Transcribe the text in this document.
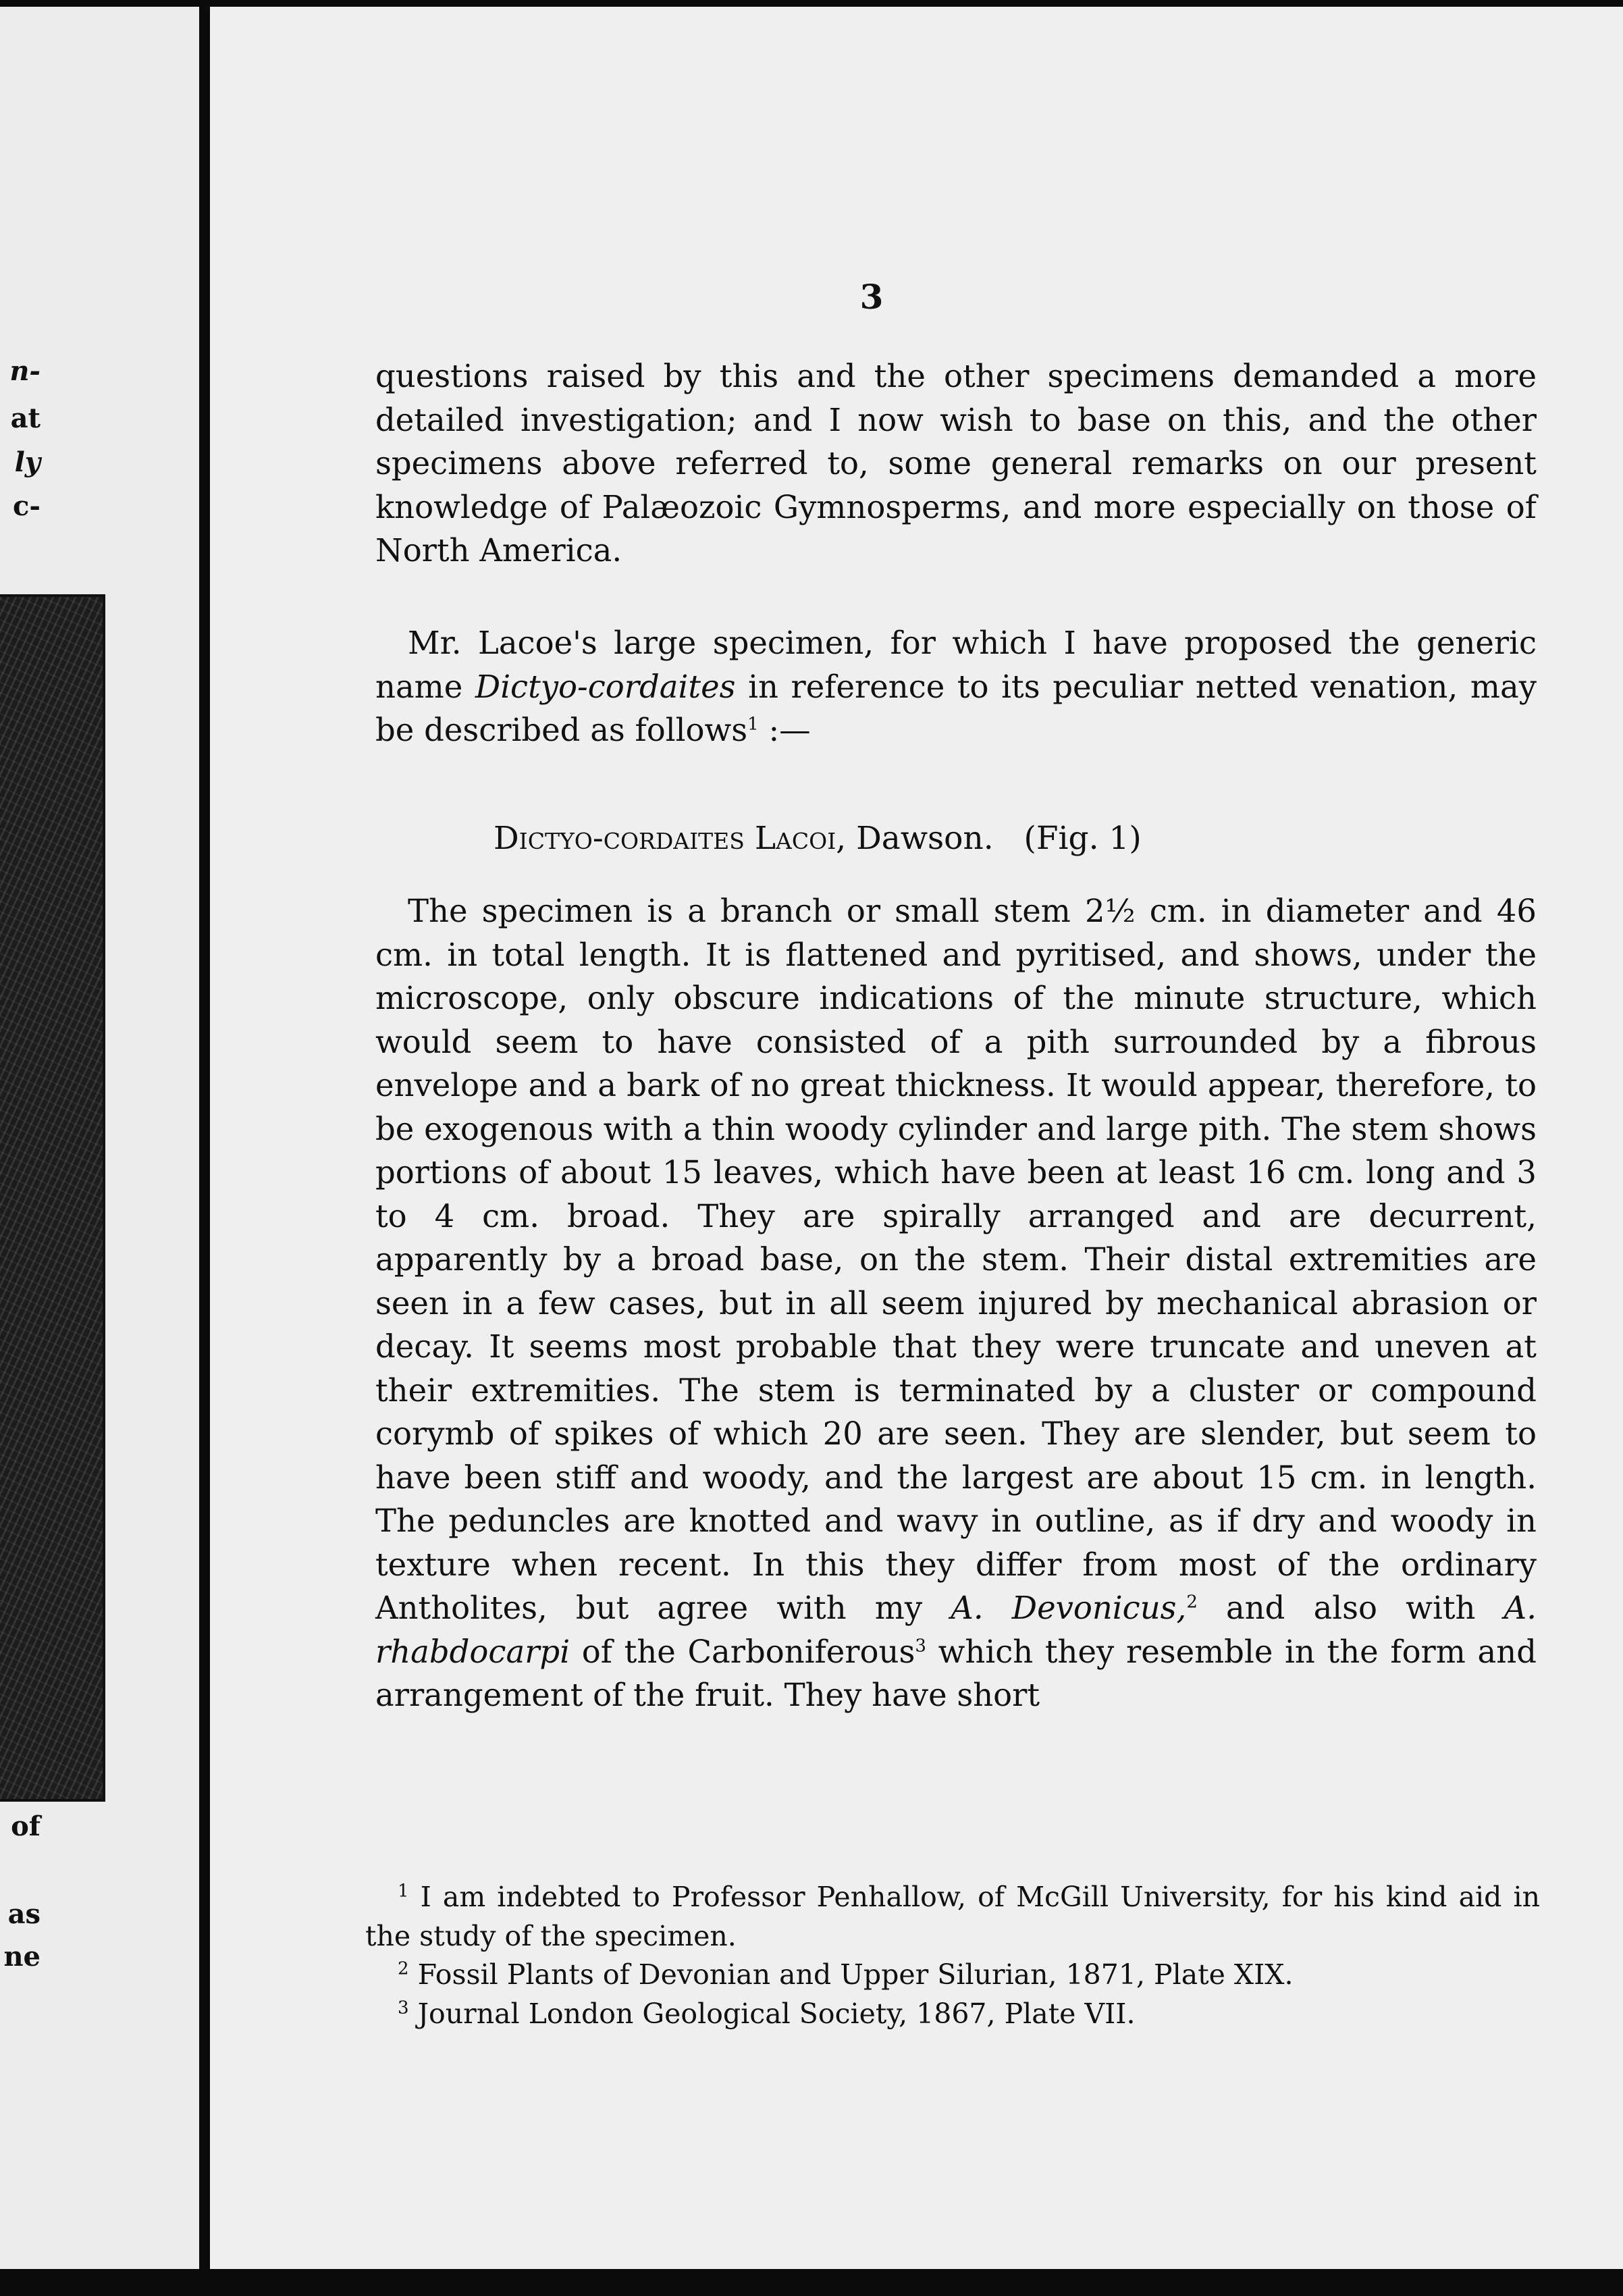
n-
at
ly
c-
of
as
ne
3

questions raised by this and the other specimens demanded a more detailed investigation; and I now wish to base on this, and the other specimens above referred to, some general remarks on our present knowledge of Palæozoic Gymnosperms, and more especially on those of North America.

Mr. Lacoe's large specimen, for which I have proposed the generic name Dictyo-cordaites in reference to its peculiar netted venation, may be described as follows$^1$ :—

Dictyo-cordaites Lacoi, Dawson. (Fig. 1)

The specimen is a branch or small stem 2½ cm. in diameter and 46 cm. in total length. It is flattened and pyritised, and shows, under the microscope, only obscure indications of the minute structure, which would seem to have consisted of a pith surrounded by a fibrous envelope and a bark of no great thickness. It would appear, therefore, to be exogenous with a thin woody cylinder and large pith. The stem shows portions of about 15 leaves, which have been at least 16 cm. long and 3 to 4 cm. broad. They are spirally arranged and are decurrent, apparently by a broad base, on the stem. Their distal extremities are seen in a few cases, but in all seem injured by mechanical abrasion or decay. It seems most probable that they were truncate and uneven at their extremities. The stem is terminated by a cluster or compound corymb of spikes of which 20 are seen. They are slender, but seem to have been stiff and woody, and the largest are about 15 cm. in length. The peduncles are knotted and wavy in outline, as if dry and woody in texture when recent. In this they differ from most of the ordinary Antholites, but agree with my A. Devonicus,$^2$ and also with A. rhabdocarpi of the Carboniferous$^3$ which they resemble in the form and arrangement of the fruit. They have short

$^1$ I am indebted to Professor Penhallow, of McGill University, for his kind aid in the study of the specimen.

$^2$ Fossil Plants of Devonian and Upper Silurian, 1871, Plate XIX.

$^3$ Journal London Geological Society, 1867, Plate VII.
